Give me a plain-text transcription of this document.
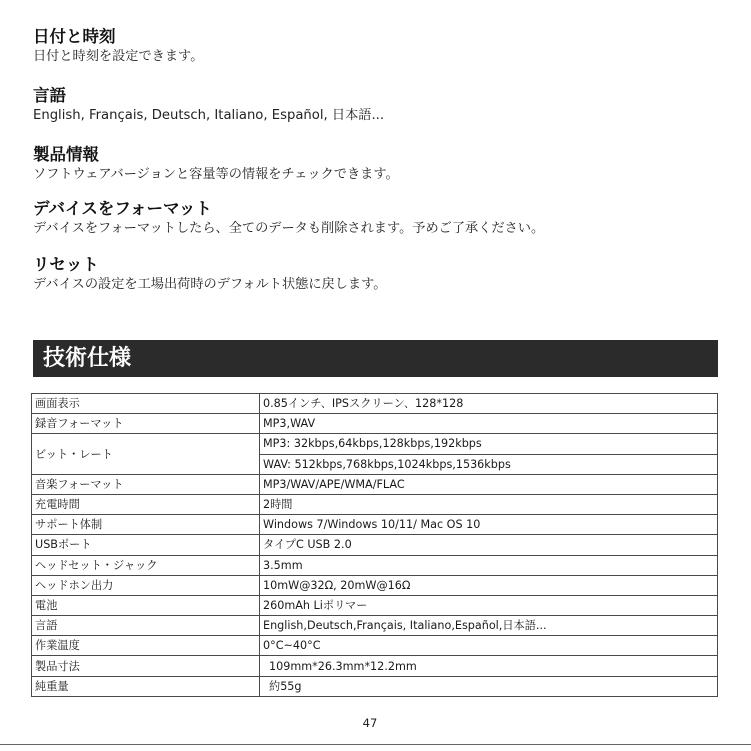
日付と時刻

日付と時刻を設定できます。

言語

English, Français, Deutsch, Italiano, Español, 日本語...

製品情報

ソフトウェアバージョンと容量等の情報をチェックできます。

デバイスをフォーマット

デバイスをフォーマットしたら、全てのデータも削除されます。予めご了承ください。

リセット

デバイスの設定を工場出荷時のデフォルト状態に戻します。

技術仕様
画面表示	0.85インチ、IPSスクリーン、128*128
録音フォーマット	MP3,WAV
ビット・レート	MP3: 32kbps,64kbps,128kbps,192kbps
	WAV: 512kbps,768kbps,1024kbps,1536kbps
音楽フォーマット	MP3/WAV/APE/WMA/FLAC
充電時間	2時間
サポート体制	Windows 7/Windows 10/11/ Mac OS 10
USBポート	タイプC USB 2.0
ヘッドセット・ジャック	3.5mm
ヘッドホン出力	10mW@32Ω, 20mW@16Ω
電池	260mAh Liポリマー
言語	English,Deutsch,Français, Italiano,Español,日本語...
作業温度	0°C~40°C
製品寸法	109mm*26.3mm*12.2mm
純重量	約55g
47
